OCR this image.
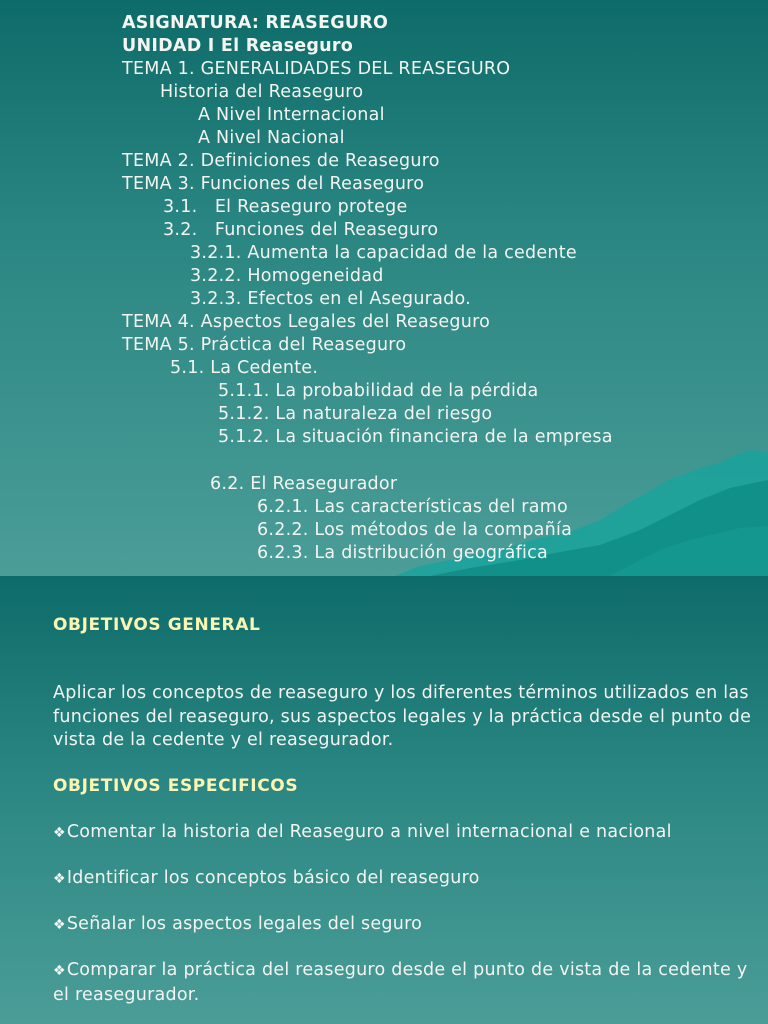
ASIGNATURA: REASEGURO
UNIDAD I El Reaseguro
TEMA 1. GENERALIDADES DEL REASEGURO
Historia del Reaseguro
A Nivel Internacional
A Nivel Nacional
TEMA 2. Definiciones de Reaseguro
TEMA 3. Funciones del Reaseguro
3.1.   El Reaseguro protege
3.2.   Funciones del Reaseguro
3.2.1. Aumenta la capacidad de la cedente
3.2.2. Homogeneidad
3.2.3. Efectos en el Asegurado.
TEMA 4. Aspectos Legales del Reaseguro
TEMA 5. Práctica del Reaseguro
5.1. La Cedente.
5.1.1. La probabilidad de la pérdida
5.1.2. La naturaleza del riesgo
5.1.2. La situación financiera de la empresa
6.2. El Reasegurador
6.2.1. Las características del ramo
6.2.2. Los métodos de la compañía
6.2.3. La distribución geográfica
OBJETIVOS GENERAL
Aplicar los conceptos de reaseguro y los diferentes términos utilizados en las funciones del reaseguro, sus aspectos legales y la práctica desde el punto de vista de la cedente y el reasegurador.
OBJETIVOS ESPECIFICOS
❖Comentar la historia del Reaseguro a nivel internacional e nacional
❖Identificar los conceptos básico del reaseguro
❖Señalar los aspectos legales del seguro
❖Comparar la práctica del reaseguro desde el punto de vista de la cedente y el reasegurador.
